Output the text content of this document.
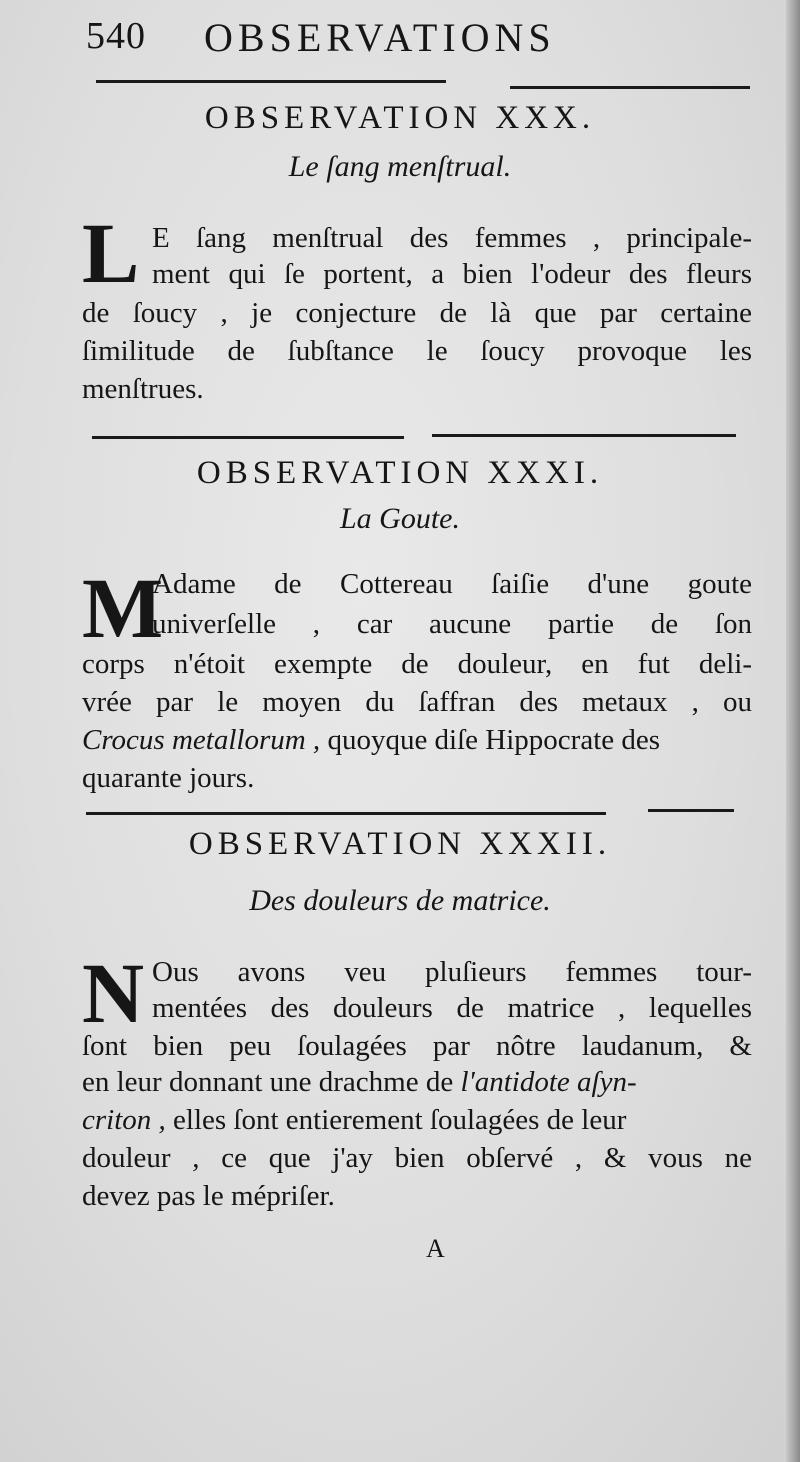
540 OBSERVATIONS
OBSERVATION XXX.
Le ſang menſtrual.
L E ſang menſtrual des femmes , principale-
ment qui ſe portent, a bien l'odeur des fleurs
de ſoucy , je conjecture de là que par certaine
ſimilitude de ſubſtance le ſoucy provoque les
menſtrues.
OBSERVATION XXXI.
La Goute.
M
Adame de Cottereau ſaiſie d'une goute
univerſelle , car aucune partie de ſon
corps n'étoit exempte de douleur, en fut deli-
vrée par le moyen du ſaffran des metaux , ou
Crocus metallorum , quoyque diſe Hippocrate des
quarante jours.
OBSERVATION XXXII.
Des douleurs de matrice.
N Ous avons veu pluſieurs femmes tour-
mentées des douleurs de matrice , lequelles
ſont bien peu ſoulagées par nôtre laudanum, &
en leur donnant une drachme de l'antidote aſyn-
criton , elles ſont entierement ſoulagées de leur
douleur , ce que j'ay bien obſervé , & vous ne
devez pas le mépriſer.
A
